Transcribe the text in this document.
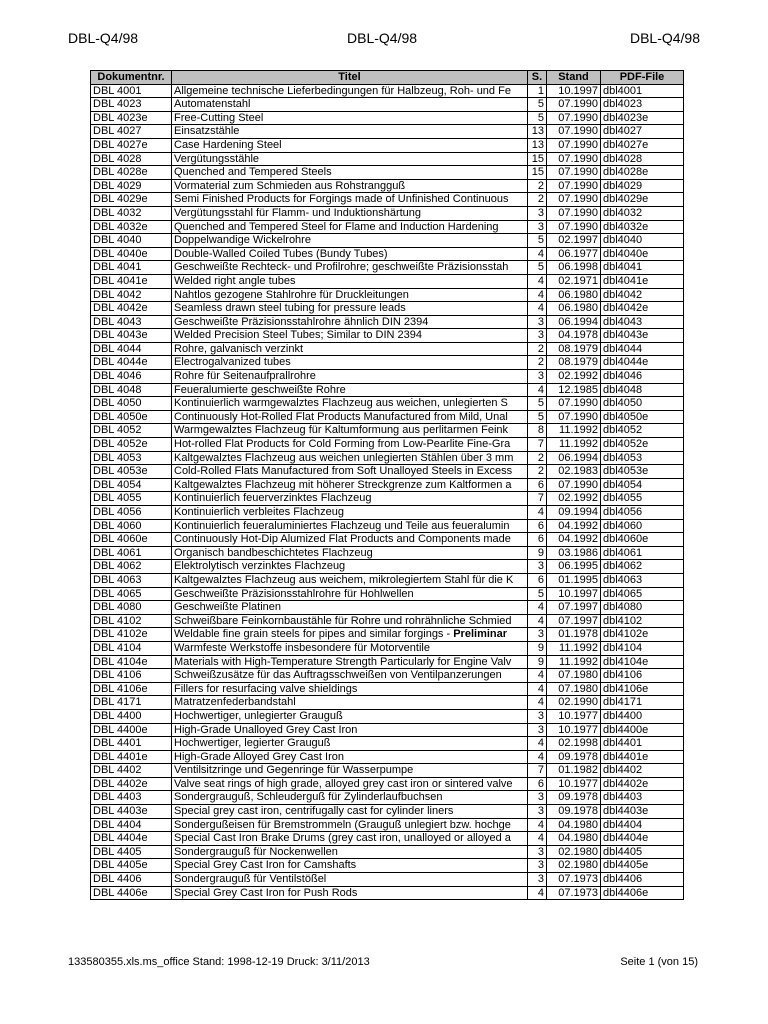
DBL-Q4/98	DBL-Q4/98	DBL-Q4/98
Dokumentnr.	Titel	S.	Stand	PDF-File
DBL 4001	Allgemeine technische Lieferbedingungen für Halbzeug, Roh- und Fe	1	10.1997	dbl4001
DBL 4023	Automatenstahl	5	07.1990	dbl4023
DBL 4023e	Free-Cutting Steel	5	07.1990	dbl4023e
DBL 4027	Einsatzstähle	13	07.1990	dbl4027
DBL 4027e	Case Hardening Steel	13	07.1990	dbl4027e
DBL 4028	Vergütungsstähle	15	07.1990	dbl4028
DBL 4028e	Quenched and Tempered Steels	15	07.1990	dbl4028e
DBL 4029	Vormaterial zum Schmieden aus Rohstrangguß	2	07.1990	dbl4029
DBL 4029e	Semi Finished Products for Forgings made of Unfinished Continuous	2	07.1990	dbl4029e
DBL 4032	Vergütungsstahl für Flamm- und Induktionshärtung	3	07.1990	dbl4032
DBL 4032e	Quenched and Tempered Steel for Flame and Induction Hardening	3	07.1990	dbl4032e
DBL 4040	Doppelwandige Wickelrohre	5	02.1997	dbl4040
DBL 4040e	Double-Walled Coiled Tubes (Bundy Tubes)	4	06.1977	dbl4040e
DBL 4041	Geschweißte Rechteck- und Profilrohre; geschweißte Präzisionsstah	5	06.1998	dbl4041
DBL 4041e	Welded right angle tubes	4	02.1971	dbl4041e
DBL 4042	Nahtlos gezogene Stahlrohre für Druckleitungen	4	06.1980	dbl4042
DBL 4042e	Seamless drawn steel tubing for pressure leads	4	06.1980	dbl4042e
DBL 4043	Geschweißte Präzisionsstahlrohre ähnlich DIN 2394	3	06.1994	dbl4043
DBL 4043e	Welded Precision Steel Tubes; Similar to DIN 2394	3	04.1978	dbl4043e
DBL 4044	Rohre, galvanisch verzinkt	2	08.1979	dbl4044
DBL 4044e	Electrogalvanized tubes	2	08.1979	dbl4044e
DBL 4046	Rohre für Seitenaufprallrohre	3	02.1992	dbl4046
DBL 4048	Feueralumierte geschweißte Rohre	4	12.1985	dbl4048
DBL 4050	Kontinuierlich warmgewalztes Flachzeug aus weichen, unlegierten S	5	07.1990	dbl4050
DBL 4050e	Continuously Hot-Rolled Flat Products Manufactured from Mild, Unal	5	07.1990	dbl4050e
DBL 4052	Warmgewalztes Flachzeug für Kaltumformung aus perlitarmen Feink	8	11.1992	dbl4052
DBL 4052e	Hot-rolled Flat Products for Cold Forming from Low-Pearlite Fine-Gra	7	11.1992	dbl4052e
DBL 4053	Kaltgewalztes Flachzeug aus weichen unlegierten Stählen über 3 mm	2	06.1994	dbl4053
DBL 4053e	Cold-Rolled Flats Manufactured from Soft Unalloyed Steels in Excess	2	02.1983	dbl4053e
DBL 4054	Kaltgewalztes Flachzeug mit höherer Streckgrenze zum Kaltformen a	6	07.1990	dbl4054
DBL 4055	Kontinuierlich feuerverzinktes Flachzeug	7	02.1992	dbl4055
DBL 4056	Kontinuierlich verbleites Flachzeug	4	09.1994	dbl4056
DBL 4060	Kontinuierlich feueraluminiertes Flachzeug und Teile aus feueralumin	6	04.1992	dbl4060
DBL 4060e	Continuously Hot-Dip Alumized Flat Products and Components made	6	04.1992	dbl4060e
DBL 4061	Organisch bandbeschichtetes Flachzeug	9	03.1986	dbl4061
DBL 4062	Elektrolytisch verzinktes Flachzeug	3	06.1995	dbl4062
DBL 4063	Kaltgewalztes Flachzeug aus weichem, mikrolegiertem Stahl für die K	6	01.1995	dbl4063
DBL 4065	Geschweißte Präzisionsstahlrohre für Hohlwellen	5	10.1997	dbl4065
DBL 4080	Geschweißte Platinen	4	07.1997	dbl4080
DBL 4102	Schweißbare Feinkornbaustähle für Rohre und rohrähnliche Schmied	4	07.1997	dbl4102
DBL 4102e	Weldable fine grain steels for pipes and similar forgings - Preliminar	3	01.1978	dbl4102e
DBL 4104	Warmfeste Werkstoffe insbesondere für Motorventile	9	11.1992	dbl4104
DBL 4104e	Materials with High-Temperature Strength Particularly for Engine Valv	9	11.1992	dbl4104e
DBL 4106	Schweißzusätze für das Auftragsschweißen von Ventilpanzerungen	4	07.1980	dbl4106
DBL 4106e	Fillers for resurfacing valve shieldings	4	07.1980	dbl4106e
DBL 4171	Matratzenfederbandstahl	4	02.1990	dbl4171
DBL 4400	Hochwertiger, unlegierter Grauguß	3	10.1977	dbl4400
DBL 4400e	High-Grade Unalloyed Grey Cast Iron	3	10.1977	dbl4400e
DBL 4401	Hochwertiger, legierter Grauguß	4	02.1998	dbl4401
DBL 4401e	High-Grade Alloyed Grey Cast Iron	4	09.1978	dbl4401e
DBL 4402	Ventilsitzringe und Gegenringe für Wasserpumpe	7	01.1982	dbl4402
DBL 4402e	Valve seat rings of high grade, alloyed grey cast iron or sintered valve	6	10.1977	dbl4402e
DBL 4403	Sondergrauguß, Schleuderguß für Zylinderlaufbuchsen	3	09.1978	dbl4403
DBL 4403e	Special grey cast iron, centrifugally cast for cylinder liners	3	09.1978	dbl4403e
DBL 4404	Sondergußeisen für Bremstrommeln (Grauguß unlegiert bzw. hochge	4	04.1980	dbl4404
DBL 4404e	Special Cast Iron Brake Drums (grey cast iron, unalloyed or alloyed a	4	04.1980	dbl4404e
DBL 4405	Sondergrauguß für Nockenwellen	3	02.1980	dbl4405
DBL 4405e	Special Grey Cast Iron for Camshafts	3	02.1980	dbl4405e
DBL 4406	Sondergrauguß für Ventilstößel	3	07.1973	dbl4406
DBL 4406e	Special Grey Cast Iron for Push Rods	4	07.1973	dbl4406e
133580355.xls.ms_office Stand: 1998-12-19 Druck: 3/11/2013	Seite 1 (von 15)
